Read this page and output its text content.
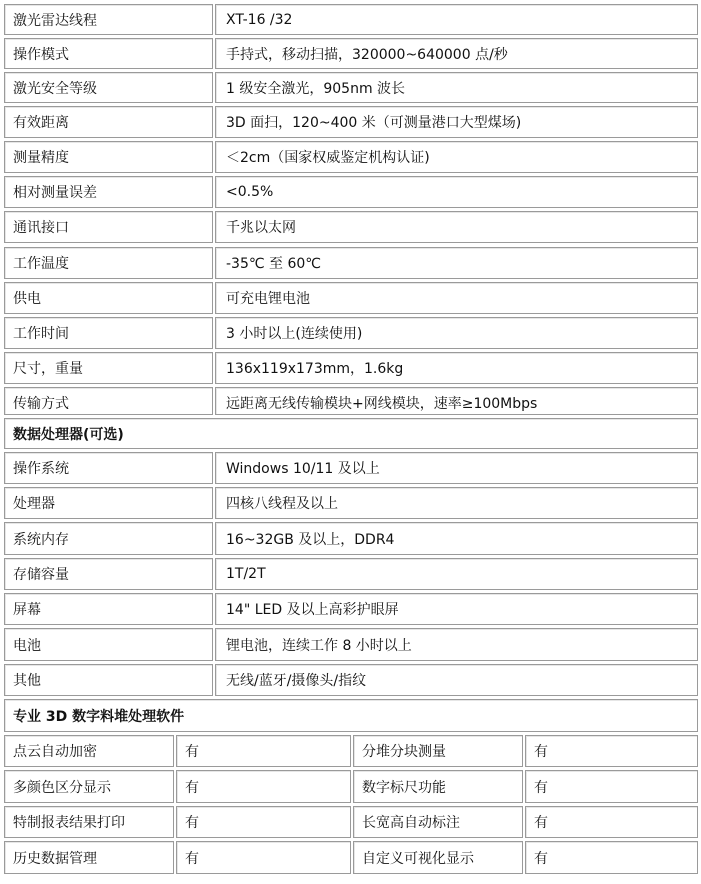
激光雷达线程	XT-16 /32
操作模式	手持式，移动扫描，320000~640000 点/秒
激光安全等级	1 级安全激光，905nm 波长
有效距离	3D 面扫，120~400 米（可测量港口大型煤场)
测量精度	＜2cm（国家权威鉴定机构认证)
相对测量误差	<0.5%
通讯接口	千兆以太网
工作温度	-35℃ 至 60℃
供电	可充电锂电池
工作时间	3 小时以上(连续使用)
尺寸，重量	136x119x173mm，1.6kg
传输方式	远距离无线传输模块+网线模块，速率≥100Mbps
数据处理器(可选)
操作系统	Windows 10/11 及以上
处理器	四核八线程及以上
系统内存	16~32GB 及以上，DDR4
存储容量	1T/2T
屏幕	14" LED 及以上高彩护眼屏
电池	锂电池，连续工作 8 小时以上
其他	无线/蓝牙/摄像头/指纹
专业 3D 数字料堆处理软件
点云自动加密	有	分堆分块测量	有
多颜色区分显示	有	数字标尺功能	有
特制报表结果打印	有	长宽高自动标注	有
历史数据管理	有	自定义可视化显示	有
